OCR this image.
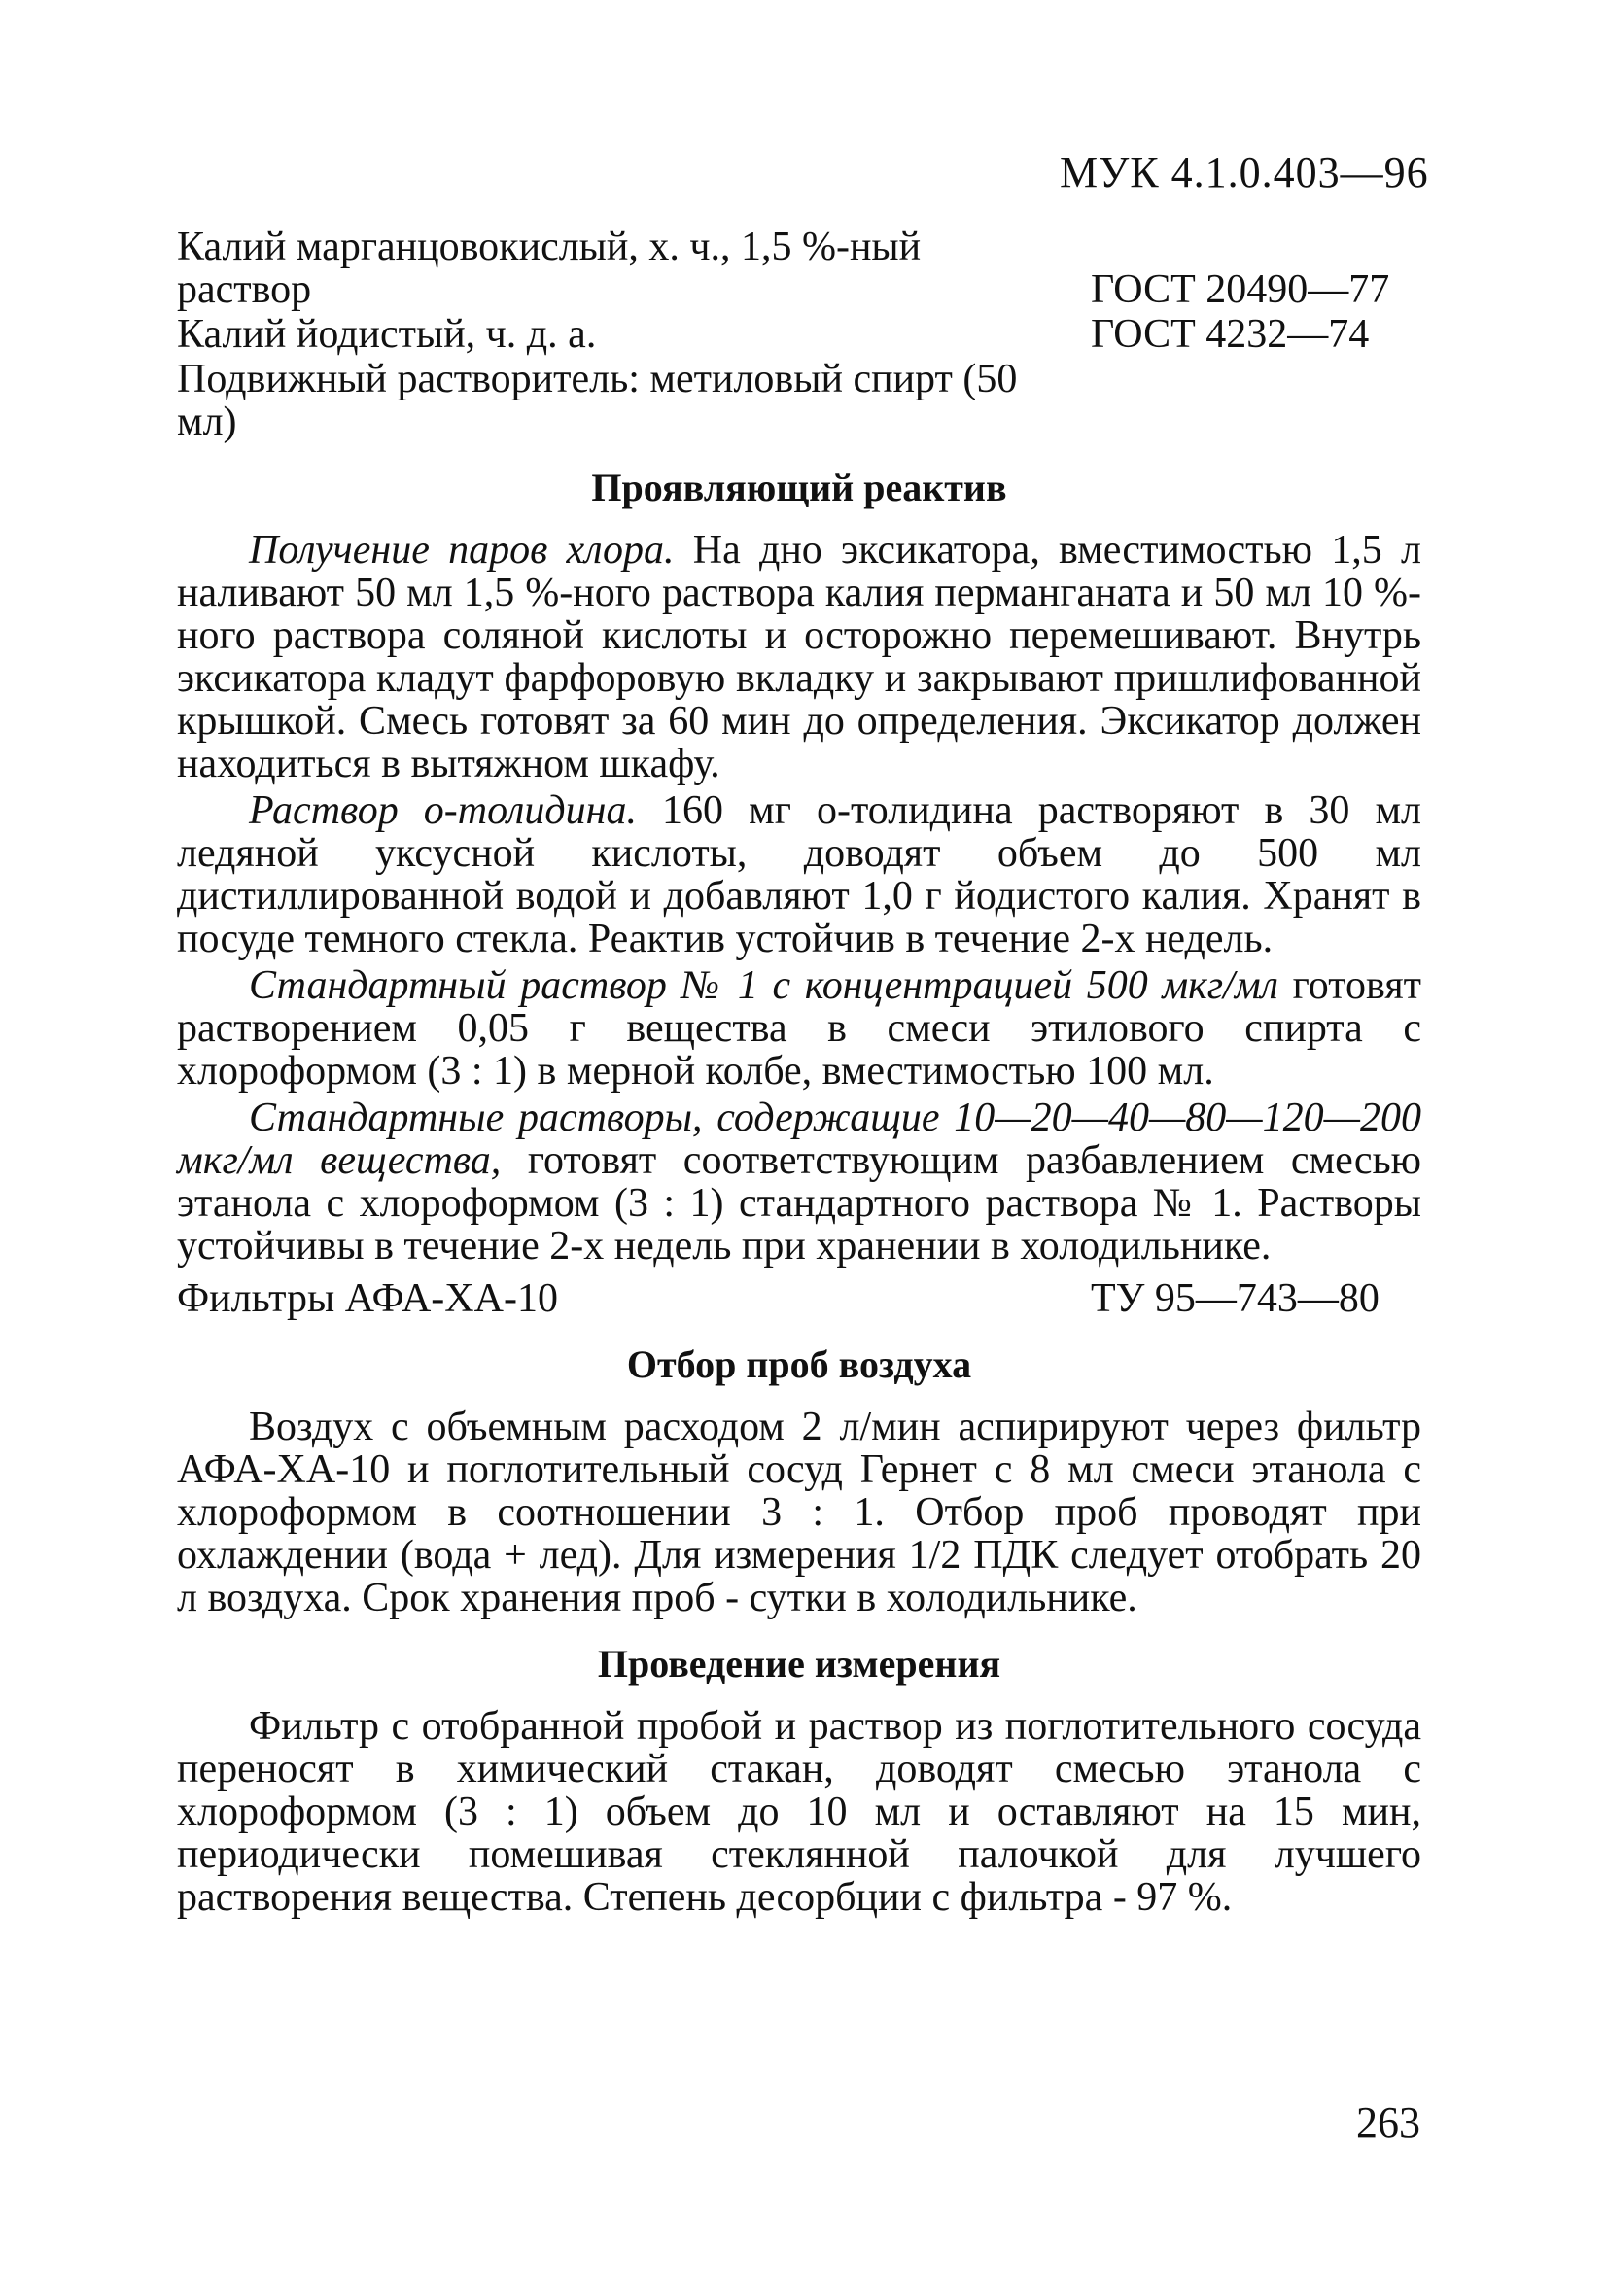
МУК 4.1.0.403—96
Калий марганцовокислый, х. ч., 1,5 %-ный раствор	ГОСТ 20490—77
Калий йодистый, ч. д. а.	ГОСТ 4232—74
Подвижный растворитель: метиловый спирт (50 мл)
Проявляющий реактив

Получение паров хлора. На дно эксикатора, вместимостью 1,5 л наливают 50 мл 1,5 %-ного раствора калия перманганата и 50 мл 10 %-ного раствора соляной кислоты и осторожно перемешивают. Внутрь эксикатора кладут фарфоровую вкладку и закрывают пришлифованной крышкой. Смесь готовят за 60 мин до определения. Эксикатор должен находиться в вытяжном шкафу.

Раствор о-толидина. 160 мг о-толидина растворяют в 30 мл ледяной уксусной кислоты, доводят объем до 500 мл дистиллированной водой и добавляют 1,0 г йодистого калия. Хранят в посуде темного стекла. Реактив устойчив в течение 2-х недель.

Стандартный раствор № 1 с концентрацией 500 мкг/мл готовят растворением 0,05 г вещества в смеси этилового спирта с хлороформом (3 : 1) в мерной колбе, вместимостью 100 мл.

Стандартные растворы, содержащие 10—20—40—80—120—200 мкг/мл вещества, готовят соответствующим разбавлением смесью этанола с хлороформом (3 : 1) стандартного раствора № 1. Растворы устойчивы в течение 2-х недель при хранении в холодильнике.

Фильтры АФА-ХА-10	ТУ 95—743—80
Отбор проб воздуха

Воздух с объемным расходом 2 л/мин аспирируют через фильтр АФА-ХА-10 и поглотительный сосуд Гернет с 8 мл смеси этанола с хлороформом в соотношении 3 : 1. Отбор проб проводят при охлаждении (вода + лед). Для измерения 1/2 ПДК следует отобрать 20 л воздуха. Срок хранения проб - сутки в холодильнике.

Проведение измерения

Фильтр с отобранной пробой и раствор из поглотительного сосуда переносят в химический стакан, доводят смесью этанола с хлороформом (3 : 1) объем до 10 мл и оставляют на 15 мин, периодически помешивая стеклянной палочкой для лучшего растворения вещества. Степень десорбции с фильтра - 97 %.

263
